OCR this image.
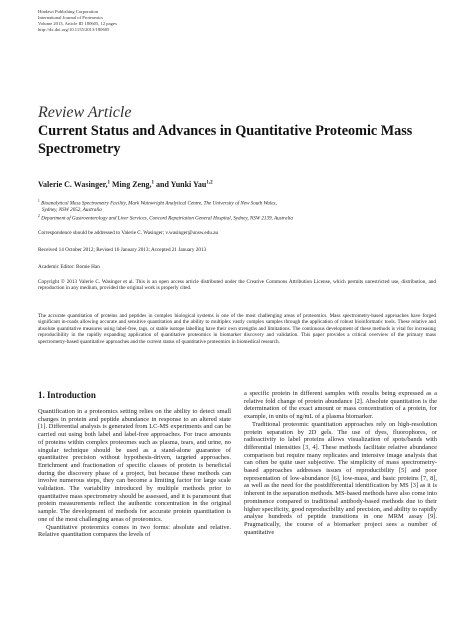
Hindawi Publishing Corporation
International Journal of Proteomics
Volume 2013, Article ID 180605, 12 pages
http://dx.doi.org/10.1155/2013/180605
Review Article
Current Status and Advances in Quantitative Proteomic Mass Spectrometry
Valerie C. Wasinger,$^1$ Ming Zeng,$^1$ and Yunki Yau$^{1,2}$
$^1$ Bioanalytical Mass Spectrometry Facility, Mark Wainwright Analytical Centre, The University of New South Wales,
Sydney, NSW 2052, Australia
$^2$ Department of Gastroenterology and Liver Services, Concord Repatriation General Hospital, Sydney, NSW 2139, Australia
Correspondence should be addressed to Valerie C. Wasinger; v.wasinger@unsw.edu.au
Received 14 October 2012; Revised 16 January 2013; Accepted 21 January 2013
Academic Editor: Bomie Han
Copyright © 2013 Valerie C. Wasinger et al. This is an open access article distributed under the Creative Commons Attribution License, which permits unrestricted use, distribution, and reproduction in any medium, provided the original work is properly cited.
The accurate quantitation of proteins and peptides in complex biological systems is one of the most challenging areas of proteomics. Mass spectrometry-based approaches have forged significant in-roads allowing accurate and sensitive quantitation and the ability to multiplex vastly complex samples through the application of robust bioinformatic tools. These relative and absolute quantitative measures using label-free, tags, or stable isotope labelling have their own strengths and limitations. The continuous development of these methods is vital for increasing reproducibility in the rapidly expanding application of quantitative proteomics in biomarker discovery and validation. This paper provides a critical overview of the primary mass spectrometry-based quantitative approaches and the current status of quantitative proteomics in biomedical research.
1. Introduction

Quantification in a proteomics setting relies on the ability to detect small changes in protein and peptide abundance in response to an altered state [1]. Differential analysis is generated from LC-MS experiments and can be carried out using both label and label-free approaches. For trace amounts of proteins within complex proteomes such as plasma, tears, and urine, no singular technique should be used as a stand-alone guarantee of quantitative precision without hypothesis-driven, targeted approaches. Enrichment and fractionation of specific classes of protein is beneficial during the discovery phase of a project, but because these methods can involve numerous steps, they can become a limiting factor for large scale validation. The variability introduced by multiple methods prior to quantitative mass spectrometry should be assessed, and it is paramount that protein measurements reflect the authentic concentration in the original sample. The development of methods for accurate protein quantitation is one of the most challenging areas of proteomics.

Quantitative proteomics comes in two forms: absolute and relative. Relative quantitation compares the levels of

a specific protein in different samples with results being expressed as a relative fold change of protein abundance [2]. Absolute quantitation is the determination of the exact amount or mass concentration of a protein, for example, in units of ng/mL of a plasma biomarker.

Traditional proteomic quantitation approaches rely on high-resolution protein separation by 2D gels. The use of dyes, fluorophores, or radioactivity to label proteins allows visualization of spots/bands with differential intensities [3, 4]. These methods facilitate relative abundance comparison but require many replicates and intensive image analysis that can often be quite user subjective. The simplicity of mass spectrometry-based approaches addresses issues of reproducibility [5] and poor representation of low-abundance [6], low-mass, and basic proteins [7, 8], as well as the need for the postdifferential identification by MS [3] as it is inherent in the separation methods. MS-based methods have also come into prominence compared to traditional antibody-based methods due to their higher specificity, good reproducibility and precision, and ability to rapidly analyse hundreds of peptide transitions in one MRM assay [9]. Pragmatically, the course of a biomarker project sees a number of quantitative
